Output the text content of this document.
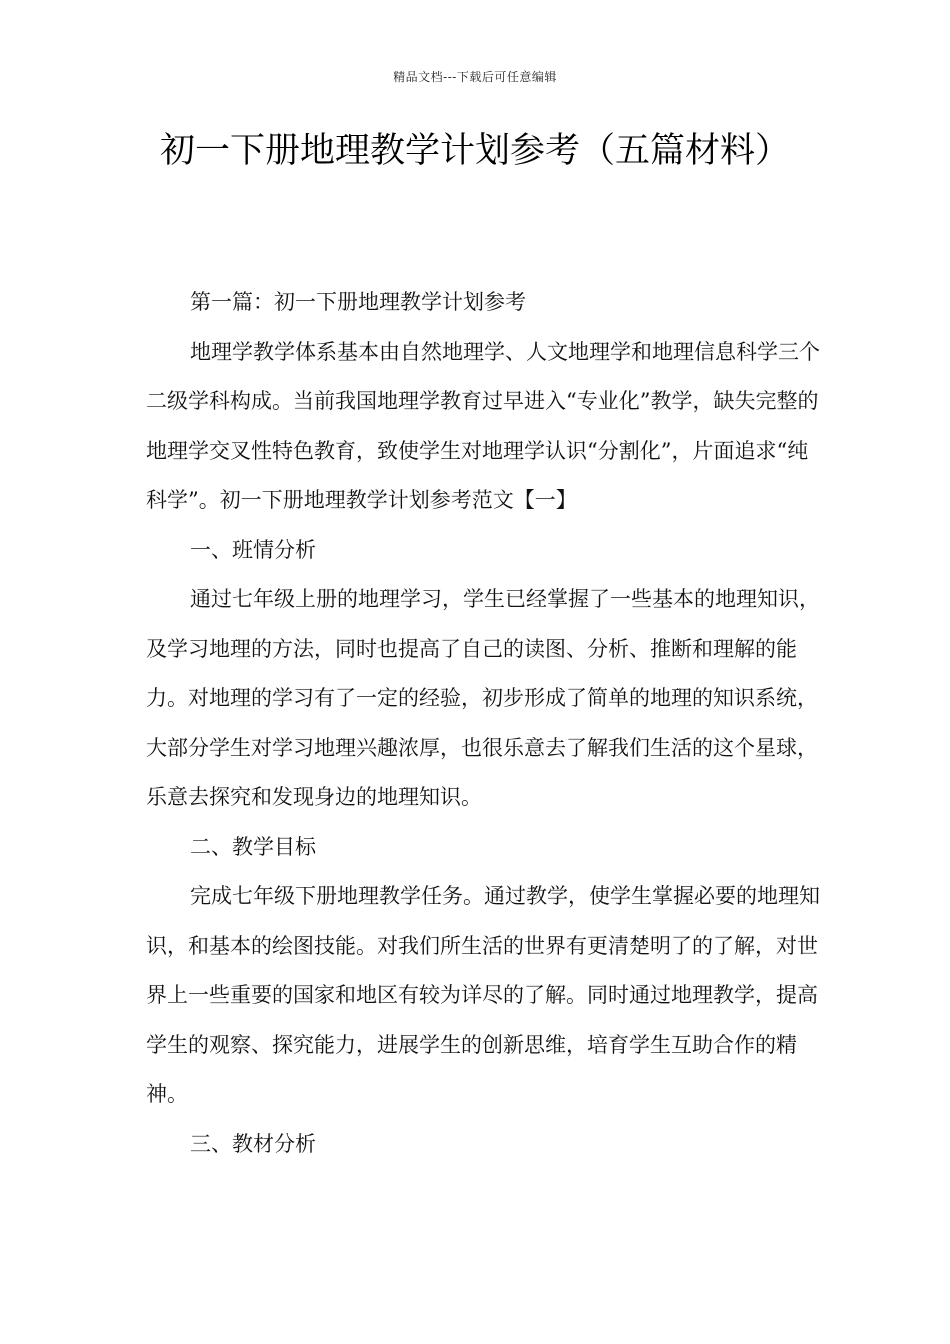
精品文档---下载后可任意编辑
初一下册地理教学计划参考（五篇材料）

第一篇：初一下册地理教学计划参考

地理学教学体系基本由自然地理学、人文地理学和地理信息科学三个二级学科构成。当前我国地理学教育过早进入“专业化”教学，缺失完整的地理学交叉性特色教育，致使学生对地理学认识“分割化”，片面追求“纯科学”。初一下册地理教学计划参考范文【一】

一、班情分析

通过七年级上册的地理学习，学生已经掌握了一些基本的地理知识，及学习地理的方法，同时也提高了自己的读图、分析、推断和理解的能力。对地理的学习有了一定的经验，初步形成了简单的地理的知识系统，大部分学生对学习地理兴趣浓厚，也很乐意去了解我们生活的这个星球，乐意去探究和发现身边的地理知识。

二、教学目标

完成七年级下册地理教学任务。通过教学，使学生掌握必要的地理知识，和基本的绘图技能。对我们所生活的世界有更清楚明了的了解，对世界上一些重要的国家和地区有较为详尽的了解。同时通过地理教学，提高学生的观察、探究能力，进展学生的创新思维，培育学生互助合作的精神。

三、教材分析
